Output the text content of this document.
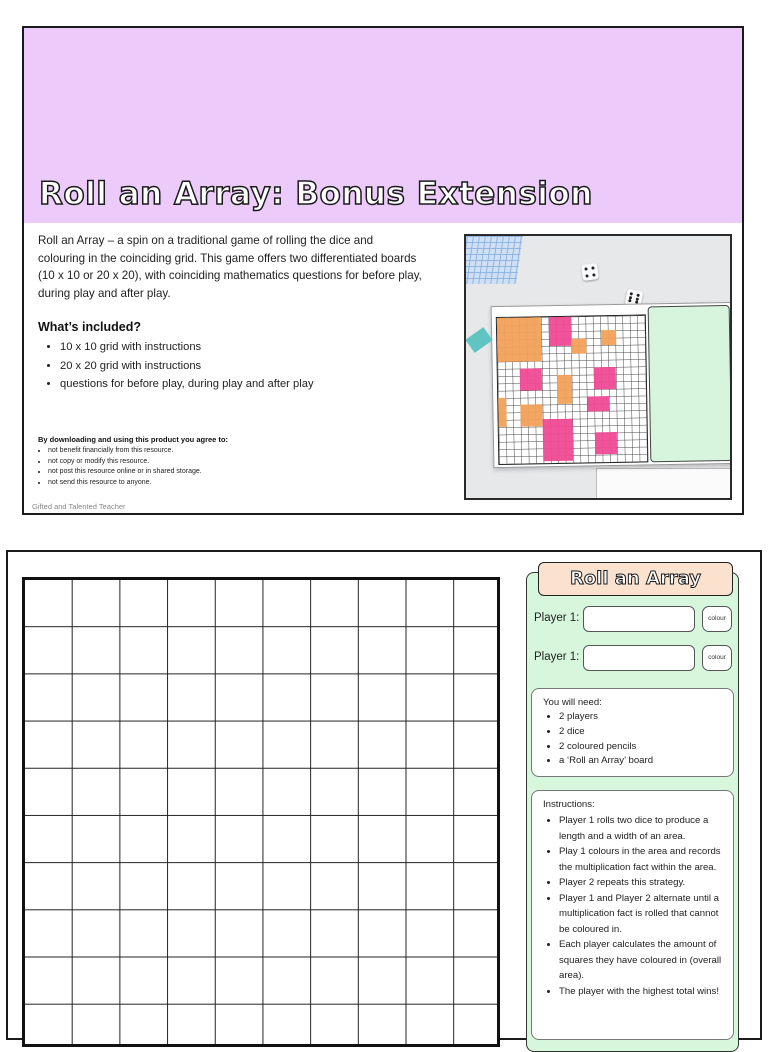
Roll an Array: Bonus Extension
Roll an Array – a spin on a traditional game of rolling the dice and colouring in the coinciding grid. This game offers two differentiated boards (10 x 10 or 20 x 20), with coinciding mathematics questions for before play, during play and after play.
What’s included?
• 10 x 10 grid with instructions
• 20 x 20 grid with instructions
• questions for before play, during play and after play
By downloading and using this product you agree to:
• not benefit financially from this resource.
• not copy or modify this resource.
• not post this resource online or in shared storage.
• not send this resource to anyone.
Gifted and Talented Teacher
Roll an Array
Player 1:	colour
Player 1:	colour
You will need:
• 2 players
• 2 dice
• 2 coloured pencils
• a ‘Roll an Array’ board
Instructions:
• Player 1 rolls two dice to produce a length and a width of an area.
• Play 1 colours in the area and records the multiplication fact within the area.
• Player 2 repeats this strategy.
• Player 1 and Player 2 alternate until a multiplication fact is rolled that cannot be coloured in.
• Each player calculates the amount of squares they have coloured in (overall area).
• The player with the highest total wins!
